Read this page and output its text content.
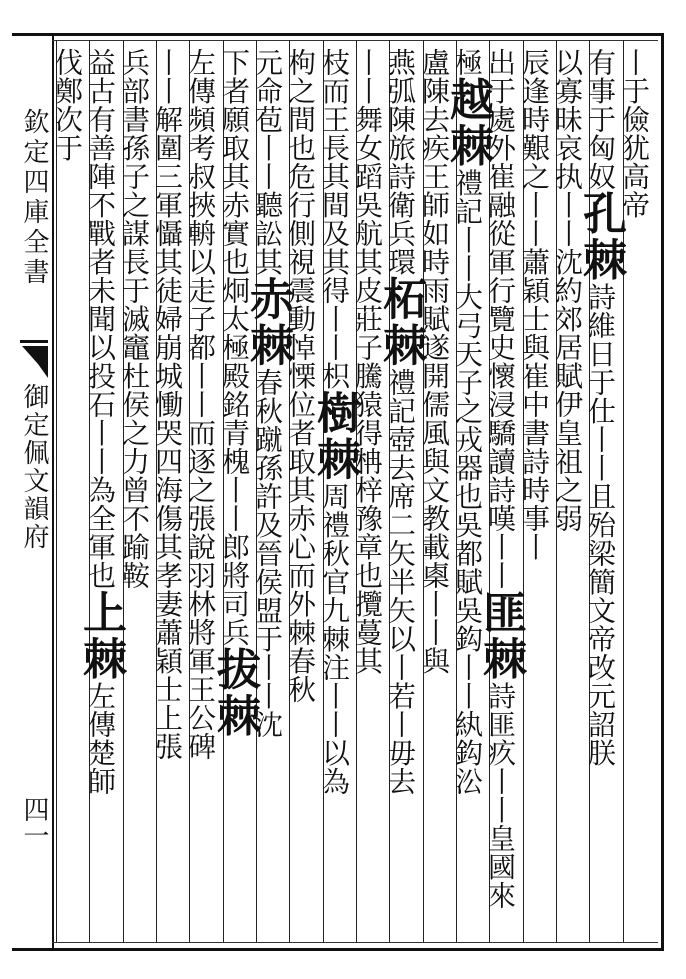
欽定四庫全書
御定佩文韻府
四一
丨于儉犹高帝
有事于匈奴孔棘詩維日于仕丨丨且殆梁簡文帝改元詔朕
以寡昧哀执丨丨沈約郊居賦伊皇祖之弱
辰逢時艱之丨丨蕭穎士與崔中書詩時事丨
出于處外崔融從軍行覽史懷浸驕讀詩嘆丨丨匪棘詩匪疚丨丨皇國來
極越棘禮記丨丨大弓天子之戎器也吳都賦吳鈎丨丨紈鈎㳂
盧陳去疾王師如時雨賦遂開儒風與文教載㮚丨丨與
燕弧陳旅詩衛兵環柘棘禮記壺去席二矢半矢以丨若丨毋去
丨丨舞女蹈吳航其皮莊子騰猿得柟梓豫章也攬蔓其
枝而王長其間及其得丨丨枳樹棘周禮秋官九棘注丨丨以為
枸之間也危行側視震動悼慄位者取其赤心而外棘春秋
元命苞丨丨聽訟其赤棘春秋蹴孫許及晉侯盟于丨丨沈
下者願取其赤實也炯太極殿銘青槐丨丨郎將司兵拔棘
左傳頻考叔挾輈以走子都丨丨而逐之張說羽林將軍王公碑
丨丨解圍三軍懾其徒婦崩城慟哭四海傷其孝妻蕭穎士上張
兵部書孫子之謀長于滅竈杜侯之力曾不踰鞍
益古有善陣不戰者未聞以投石丨丨為全軍也上棘左傳楚師
伐鄭次于
